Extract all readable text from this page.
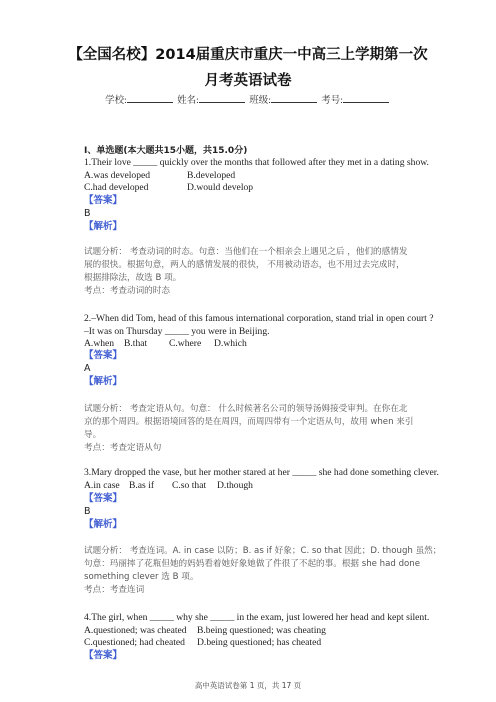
【全国名校】2014届重庆市重庆一中高三上学期第一次
月考英语试卷
学校:	姓名:	班级:	考号:
I、单选题(本大题共15小题，共15.0分)
1.Their love _____ quickly over the months that followed after they met in a dating show.
A.was developed	B.developed
C.had developed	D.would develop
【答案】
B
【解析】
试题分析： 考查动词的时态。句意：当他们在一个相亲会上遇见之后 ，他们的感情发
展的很快。根据句意，两人的感情发展的很快， 不用被动语态，也不用过去完成时，
根据排除法，故选 B 项。
考点：考查动词的时态
2.–When did Tom, head of this famous international corporation, stand trial in open court ?
–It was on Thursday _____ you were in Beijing.
A.when B.that C.where D.which
【答案】
A
【解析】
试题分析： 考查定语从句。句意： 什么时候著名公司的领导汤姆接受审判。在你在北
京的那个周四。根据语境回答的是在周四，而周四带有一个定语从句，故用 when 来引
导。
考点：考查定语从句
3.Mary dropped the vase, but her mother stared at her _____ she had done something clever.
A.in case B.as if C.so that D.though
【答案】
B
【解析】
试题分析： 考查连词。A. in case 以防；B. as if 好象；C. so that 因此；D. though 虽然；
句意：玛丽摔了花瓶但她的妈妈看着她好象她做了件很了不起的事。根据 she had done
something clever 选 B 项。
考点：考查连词
4.The girl, when _____ why she _____ in the exam, just lowered her head and kept silent.
A.questioned; was cheated B.being questioned; was cheating
C.questioned; had cheated D.being questioned; has cheated
【答案】
高中英语试卷第 1 页，共 17 页
